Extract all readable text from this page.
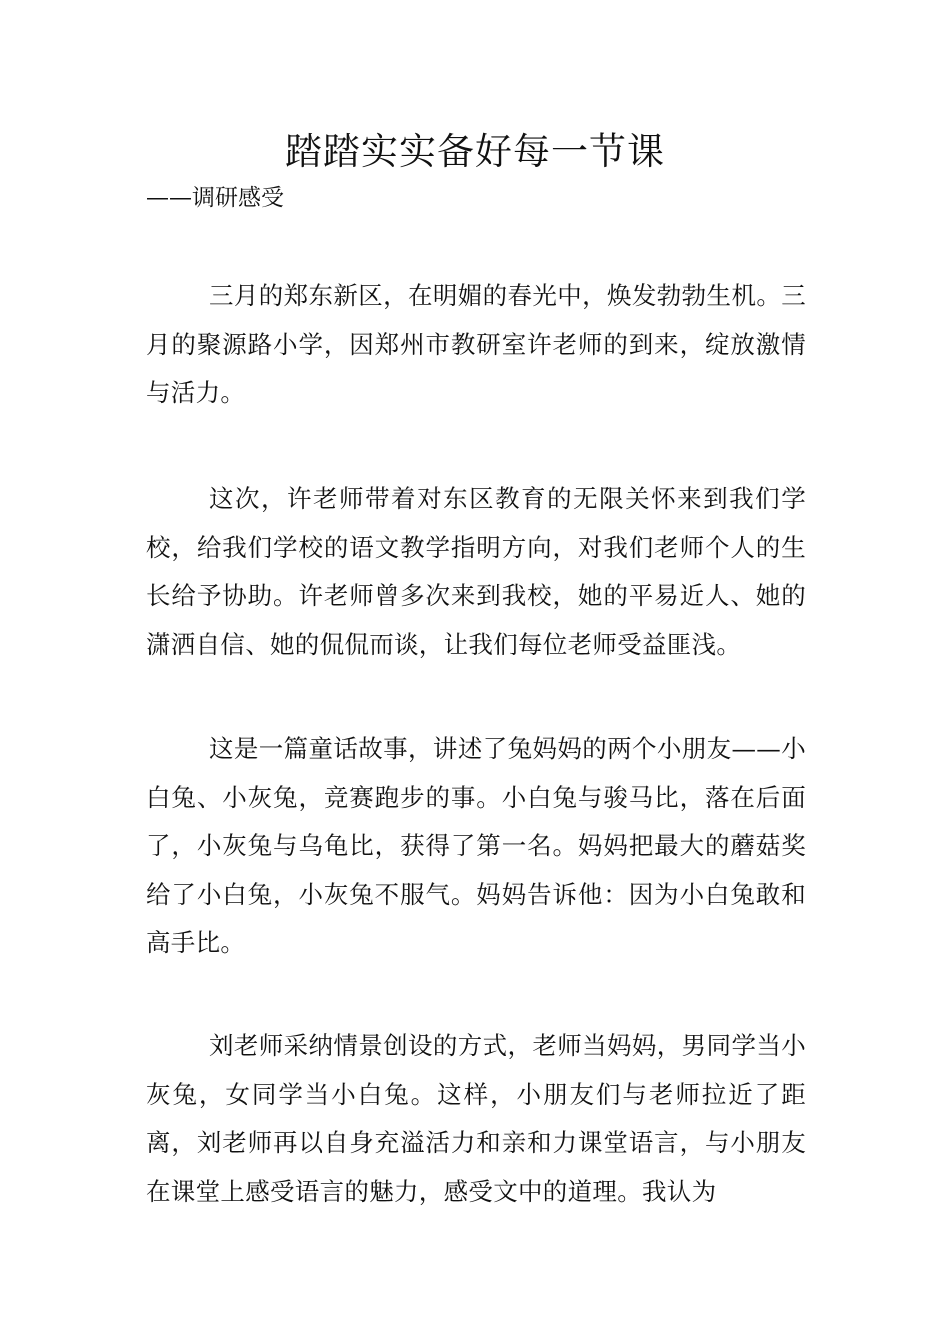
踏踏实实备好每一节课

——调研感受

三月的郑东新区，在明媚的春光中，焕发勃勃生机。三月的聚源路小学，因郑州市教研室许老师的到来，绽放激情与活力。

这次，许老师带着对东区教育的无限关怀来到我们学校，给我们学校的语文教学指明方向，对我们老师个人的生长给予协助。许老师曾多次来到我校，她的平易近人、她的潇洒自信、她的侃侃而谈，让我们每位老师受益匪浅。

这是一篇童话故事，讲述了兔妈妈的两个小朋友——小白兔、小灰兔，竞赛跑步的事。小白兔与骏马比，落在后面了，小灰兔与乌龟比，获得了第一名。妈妈把最大的蘑菇奖给了小白兔，小灰兔不服气。妈妈告诉他：因为小白兔敢和高手比。

刘老师采纳情景创设的方式，老师当妈妈，男同学当小灰兔，女同学当小白兔。这样，小朋友们与老师拉近了距离，刘老师再以自身充溢活力和亲和力课堂语言，与小朋友在课堂上感受语言的魅力，感受文中的道理。我认为
